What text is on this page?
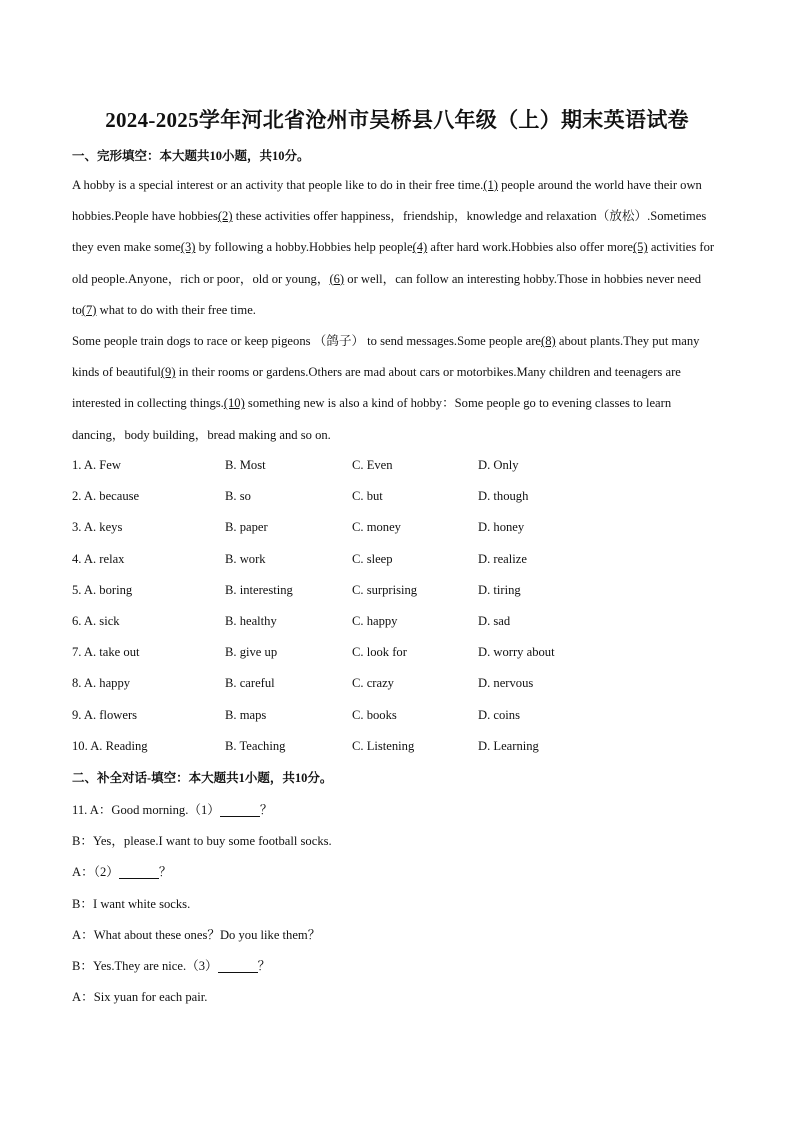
2024-2025学年河北省沧州市吴桥县八年级（上）期末英语试卷
一、完形填空：本大题共10小题，共10分。

A hobby is a special interest or an activity that people like to do in their free time.(1) people around the world have their own hobbies.People have hobbies(2) these activities offer happiness，friendship，knowledge and relaxation（放松）.Sometimes they even make some(3) by following a hobby.Hobbies help people(4) after hard work.Hobbies also offer more(5) activities for old people.Anyone，rich or poor，old or young，(6) or well，can follow an interesting hobby.Those in hobbies never need to(7) what to do with their free time.

Some people train dogs to race or keep pigeons （鸽子） to send messages.Some people are(8) about plants.They put many kinds of beautiful(9) in their rooms or gardens.Others are mad about cars or motorbikes.Many children and teenagers are interested in collecting things.(10) something new is also a kind of hobby：Some people go to evening classes to learn dancing，body building，bread making and so on.

1. A. Few	B. Most	C. Even	D. Only
2. A. because	B. so	C. but	D. though
3. A. keys	B. paper	C. money	D. honey
4. A. relax	B. work	C. sleep	D. realize
5. A. boring	B. interesting	C. surprising	D. tiring
6. A. sick	B. healthy	C. happy	D. sad
7. A. take out	B. give up	C. look for	D. worry about
8. A. happy	B. careful	C. crazy	D. nervous
9. A. flowers	B. maps	C. books	D. coins
10. A. Reading	B. Teaching	C. Listening	D. Learning
二、补全对话-填空：本大题共1小题，共10分。
11. A：Good morning.（1）	？
B：Yes，please.I want to buy some football socks.
A：（2）	？
B：I want white socks.
A：What about these ones？Do you like them？
B：Yes.They are nice.（3）	？
A：Six yuan for each pair.
